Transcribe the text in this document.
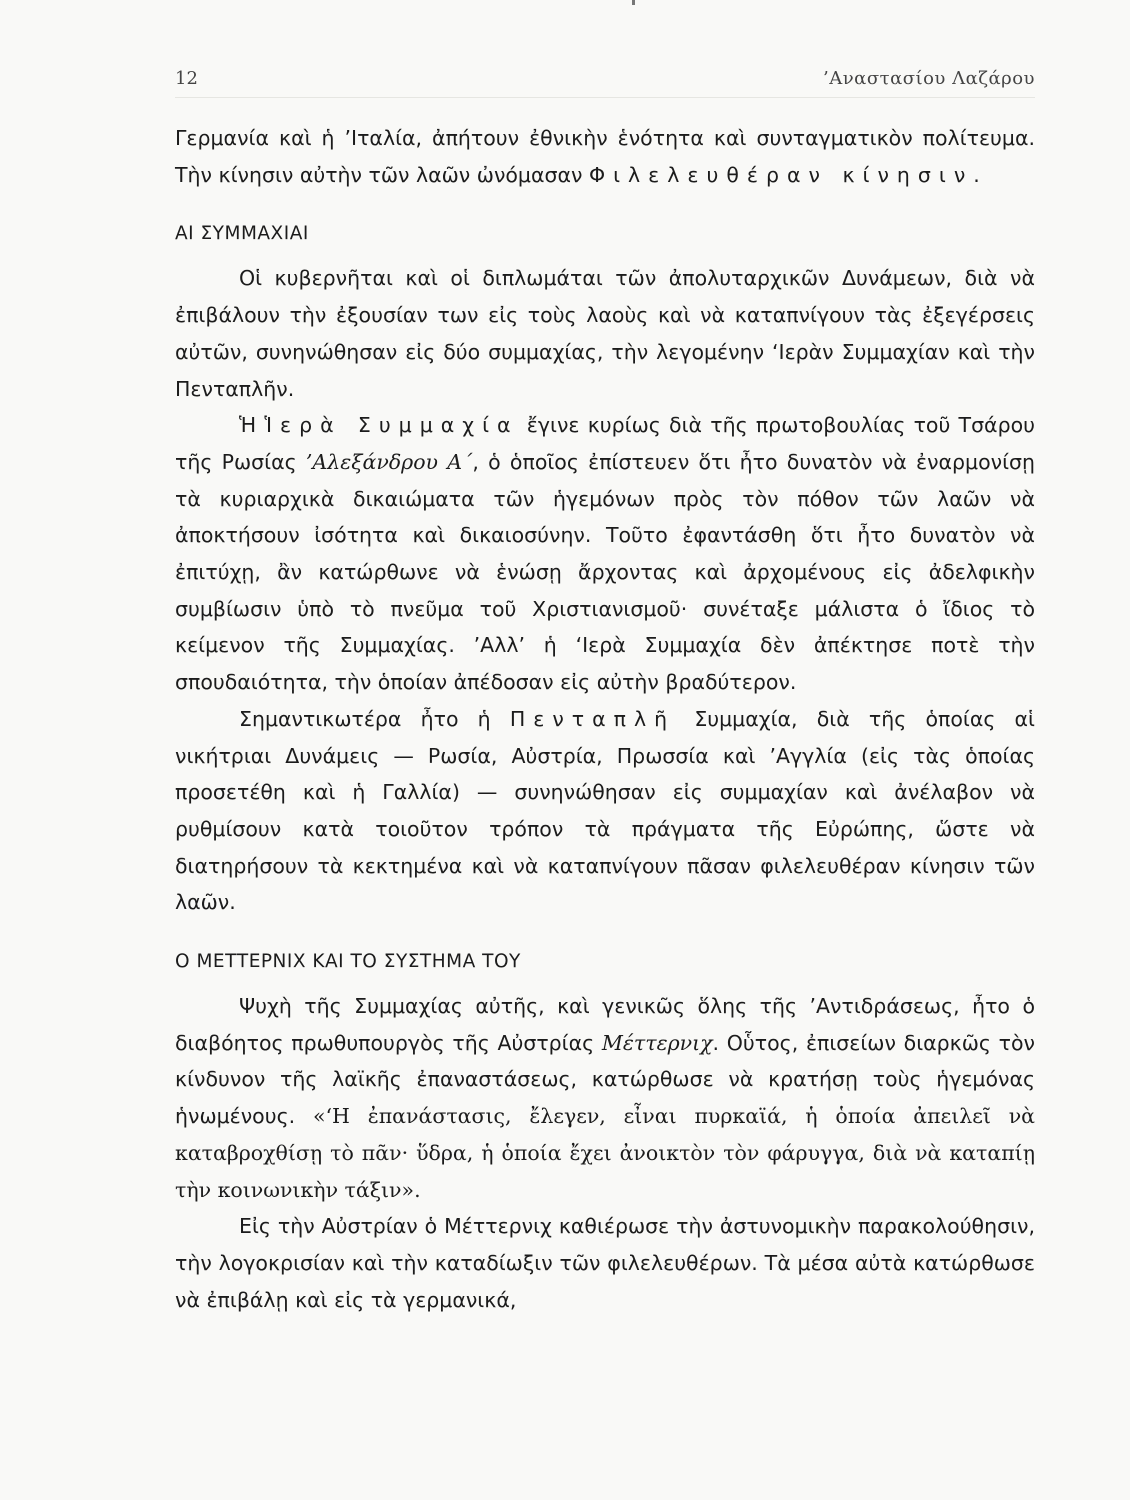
12	’Αναστασίου Λαζάρου

Γερμανία καὶ ἡ ’Ιταλία, ἀπήτουν ἐθνικὴν ἑνότητα καὶ συνταγματικὸν πολίτευμα. Τὴν κίνησιν αὐτὴν τῶν λαῶν ὠνόμασαν Φιλελευθέραν κίνησιν.

ΑΙ ΣΥΜΜΑΧΙΑΙ

Οἱ κυβερνῆται καὶ οἱ διπλωμάται τῶν ἀπολυταρχικῶν Δυνάμεων, διὰ νὰ ἐπιβάλουν τὴν ἐξουσίαν των εἰς τοὺς λαοὺς καὶ νὰ καταπνίγουν τὰς ἐξεγέρσεις αὐτῶν, συνηνώθησαν εἰς δύο συμμαχίας, τὴν λεγομένην ‘Ιερὰν Συμμαχίαν καὶ τὴν Πενταπλῆν.

Ἡ Ἱερὰ Συμμαχία ἔγινε κυρίως διὰ τῆς πρωτοβουλίας τοῦ Τσάρου τῆς Ρωσίας ’Αλεξάνδρου Α΄, ὁ ὁποῖος ἐπίστευεν ὅτι ἦτο δυνατὸν νὰ ἐναρμονίσῃ τὰ κυριαρχικὰ δικαιώματα τῶν ἡγεμόνων πρὸς τὸν πόθον τῶν λαῶν νὰ ἀποκτήσουν ἰσότητα καὶ δικαιοσύνην. Τοῦτο ἐφαντάσθη ὅτι ἦτο δυνατὸν νὰ ἐπιτύχῃ, ἂν κατώρθωνε νὰ ἑνώσῃ ἄρχοντας καὶ ἀρχομένους εἰς ἀδελφικὴν συμβίωσιν ὑπὸ τὸ πνεῦμα τοῦ Χριστιανισμοῦ· συνέταξε μάλιστα ὁ ἴδιος τὸ κείμενον τῆς Συμμαχίας. ’Αλλ’ ἡ ‘Ιερὰ Συμμαχία δὲν ἀπέκτησε ποτὲ τὴν σπουδαιότητα, τὴν ὁποίαν ἀπέδοσαν εἰς αὐτὴν βραδύτερον.

Σημαντικωτέρα ἦτο ἡ Πενταπλῆ Συμμαχία, διὰ τῆς ὁποίας αἱ νικήτριαι Δυνάμεις — Ρωσία, Αὐστρία, Πρωσσία καὶ ’Αγγλία (εἰς τὰς ὁποίας προσετέθη καὶ ἡ Γαλλία) — συνηνώθησαν εἰς συμμαχίαν καὶ ἀνέλαβον νὰ ρυθμίσουν κατὰ τοιοῦτον τρόπον τὰ πράγματα τῆς Εὐρώπης, ὥστε νὰ διατηρήσουν τὰ κεκτημένα καὶ νὰ καταπνίγουν πᾶσαν φιλελευθέραν κίνησιν τῶν λαῶν.

Ο ΜΕΤΤΕΡΝΙΧ ΚΑΙ ΤΟ ΣΥΣΤΗΜΑ ΤΟΥ

Ψυχὴ τῆς Συμμαχίας αὐτῆς, καὶ γενικῶς ὅλης τῆς ’Αντιδράσεως, ἦτο ὁ διαβόητος πρωθυπουργὸς τῆς Αὐστρίας Μέττερνιχ. Οὗτος, ἐπισείων διαρκῶς τὸν κίνδυνον τῆς λαϊκῆς ἐπαναστάσεως, κατώρθωσε νὰ κρατήσῃ τοὺς ἡγεμόνας ἡνωμένους. «‘Η ἐπανάστασις, ἔλεγεν, εἶναι πυρκαϊά, ἡ ὁποία ἀπειλεῖ νὰ καταβροχθίσῃ τὸ πᾶν· ὕδρα, ἡ ὁποία ἔχει ἀνοικτὸν τὸν φάρυγγα, διὰ νὰ καταπίῃ τὴν κοινωνικὴν τάξιν».

Εἰς τὴν Αὐστρίαν ὁ Μέττερνιχ καθιέρωσε τὴν ἀστυνομικὴν παρακολούθησιν, τὴν λογοκρισίαν καὶ τὴν καταδίωξιν τῶν φιλελευθέρων. Τὰ μέσα αὐτὰ κατώρθωσε νὰ ἐπιβάλῃ καὶ εἰς τὰ γερμανικά,
